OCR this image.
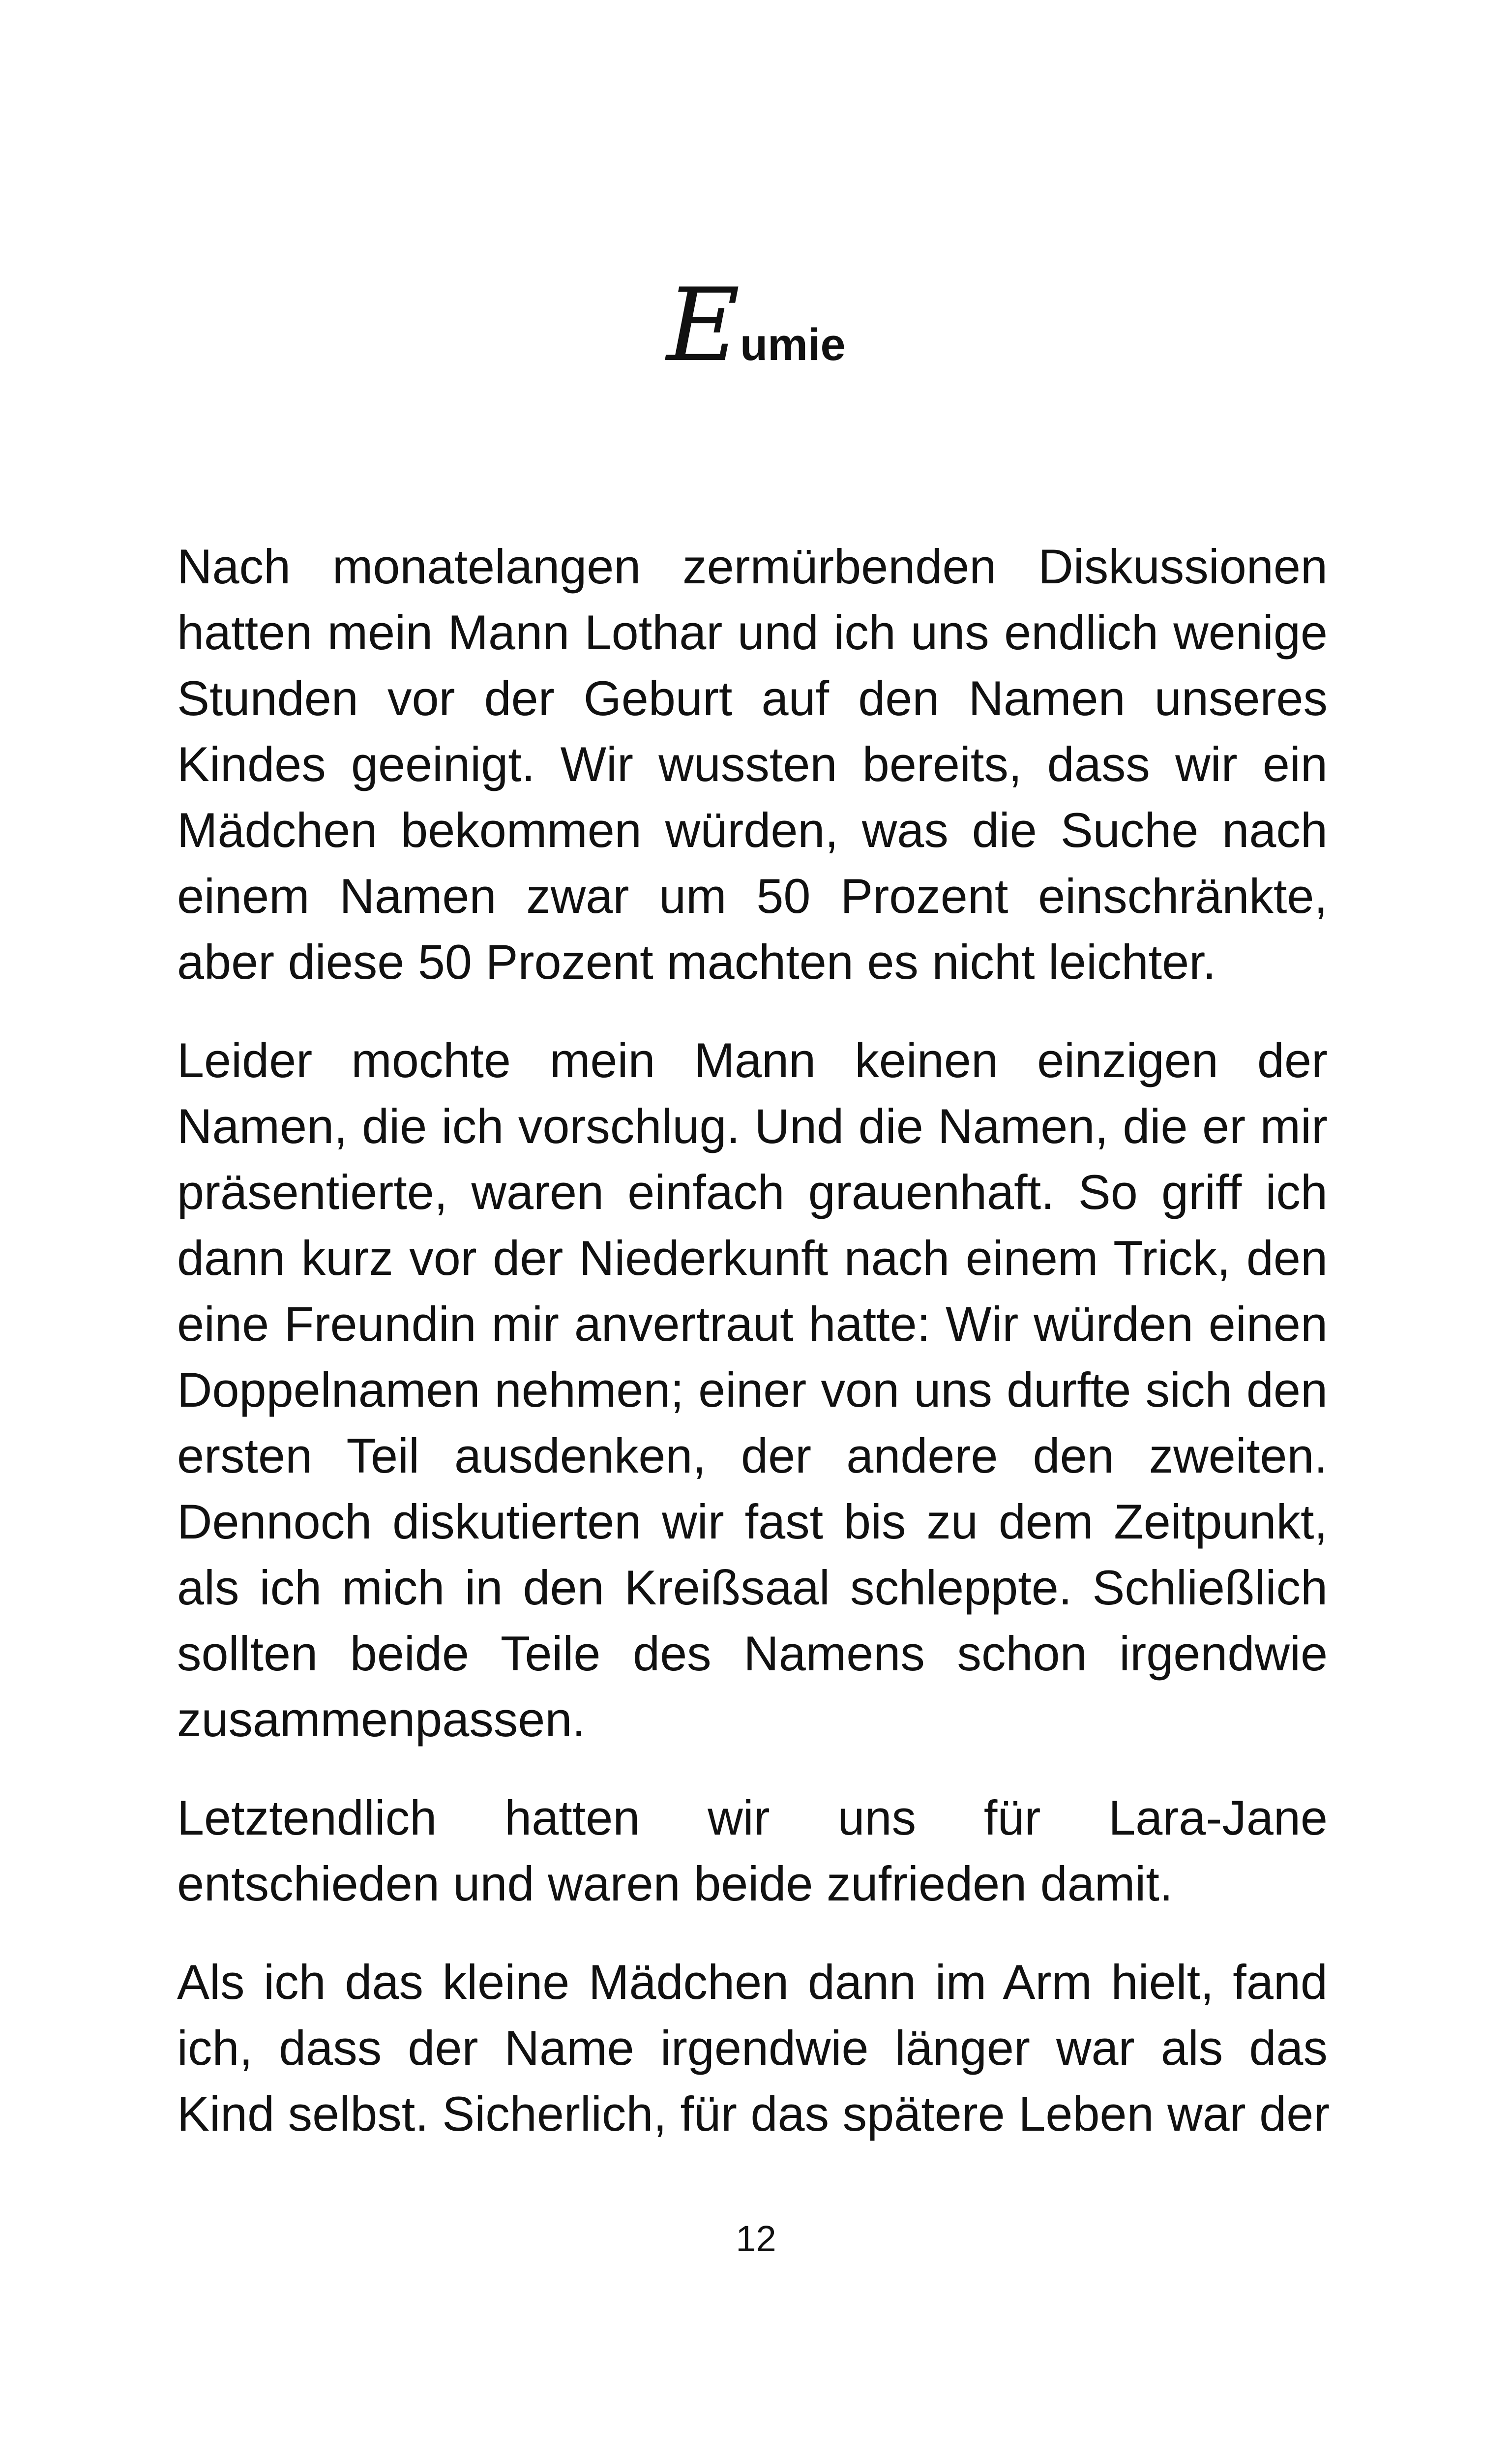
Eumie

Nach monatelangen zermürbenden Diskussionen
hatten mein Mann Lothar und ich uns endlich wenige
Stunden vor der Geburt auf den Namen unseres
Kindes geeinigt. Wir wussten bereits, dass wir ein
Mädchen bekommen würden, was die Suche nach
einem Namen zwar um 50 Prozent einschränkte,
aber diese 50 Prozent machten es nicht leichter.

Leider mochte mein Mann keinen einzigen der
Namen, die ich vorschlug. Und die Namen, die er mir
präsentierte, waren einfach grauenhaft. So griff ich
dann kurz vor der Niederkunft nach einem Trick, den
eine Freundin mir anvertraut hatte: Wir würden einen
Doppelnamen nehmen; einer von uns durfte sich den
ersten Teil ausdenken, der andere den zweiten.
Dennoch diskutierten wir fast bis zu dem Zeitpunkt,
als ich mich in den Kreißsaal schleppte. Schließlich
sollten beide Teile des Namens schon irgendwie
zusammenpassen.

Letztendlich hatten wir uns für Lara-Jane
entschieden und waren beide zufrieden damit.

Als ich das kleine Mädchen dann im Arm hielt, fand
ich, dass der Name irgendwie länger war als das
Kind selbst. Sicherlich, für das spätere Leben war der

12
